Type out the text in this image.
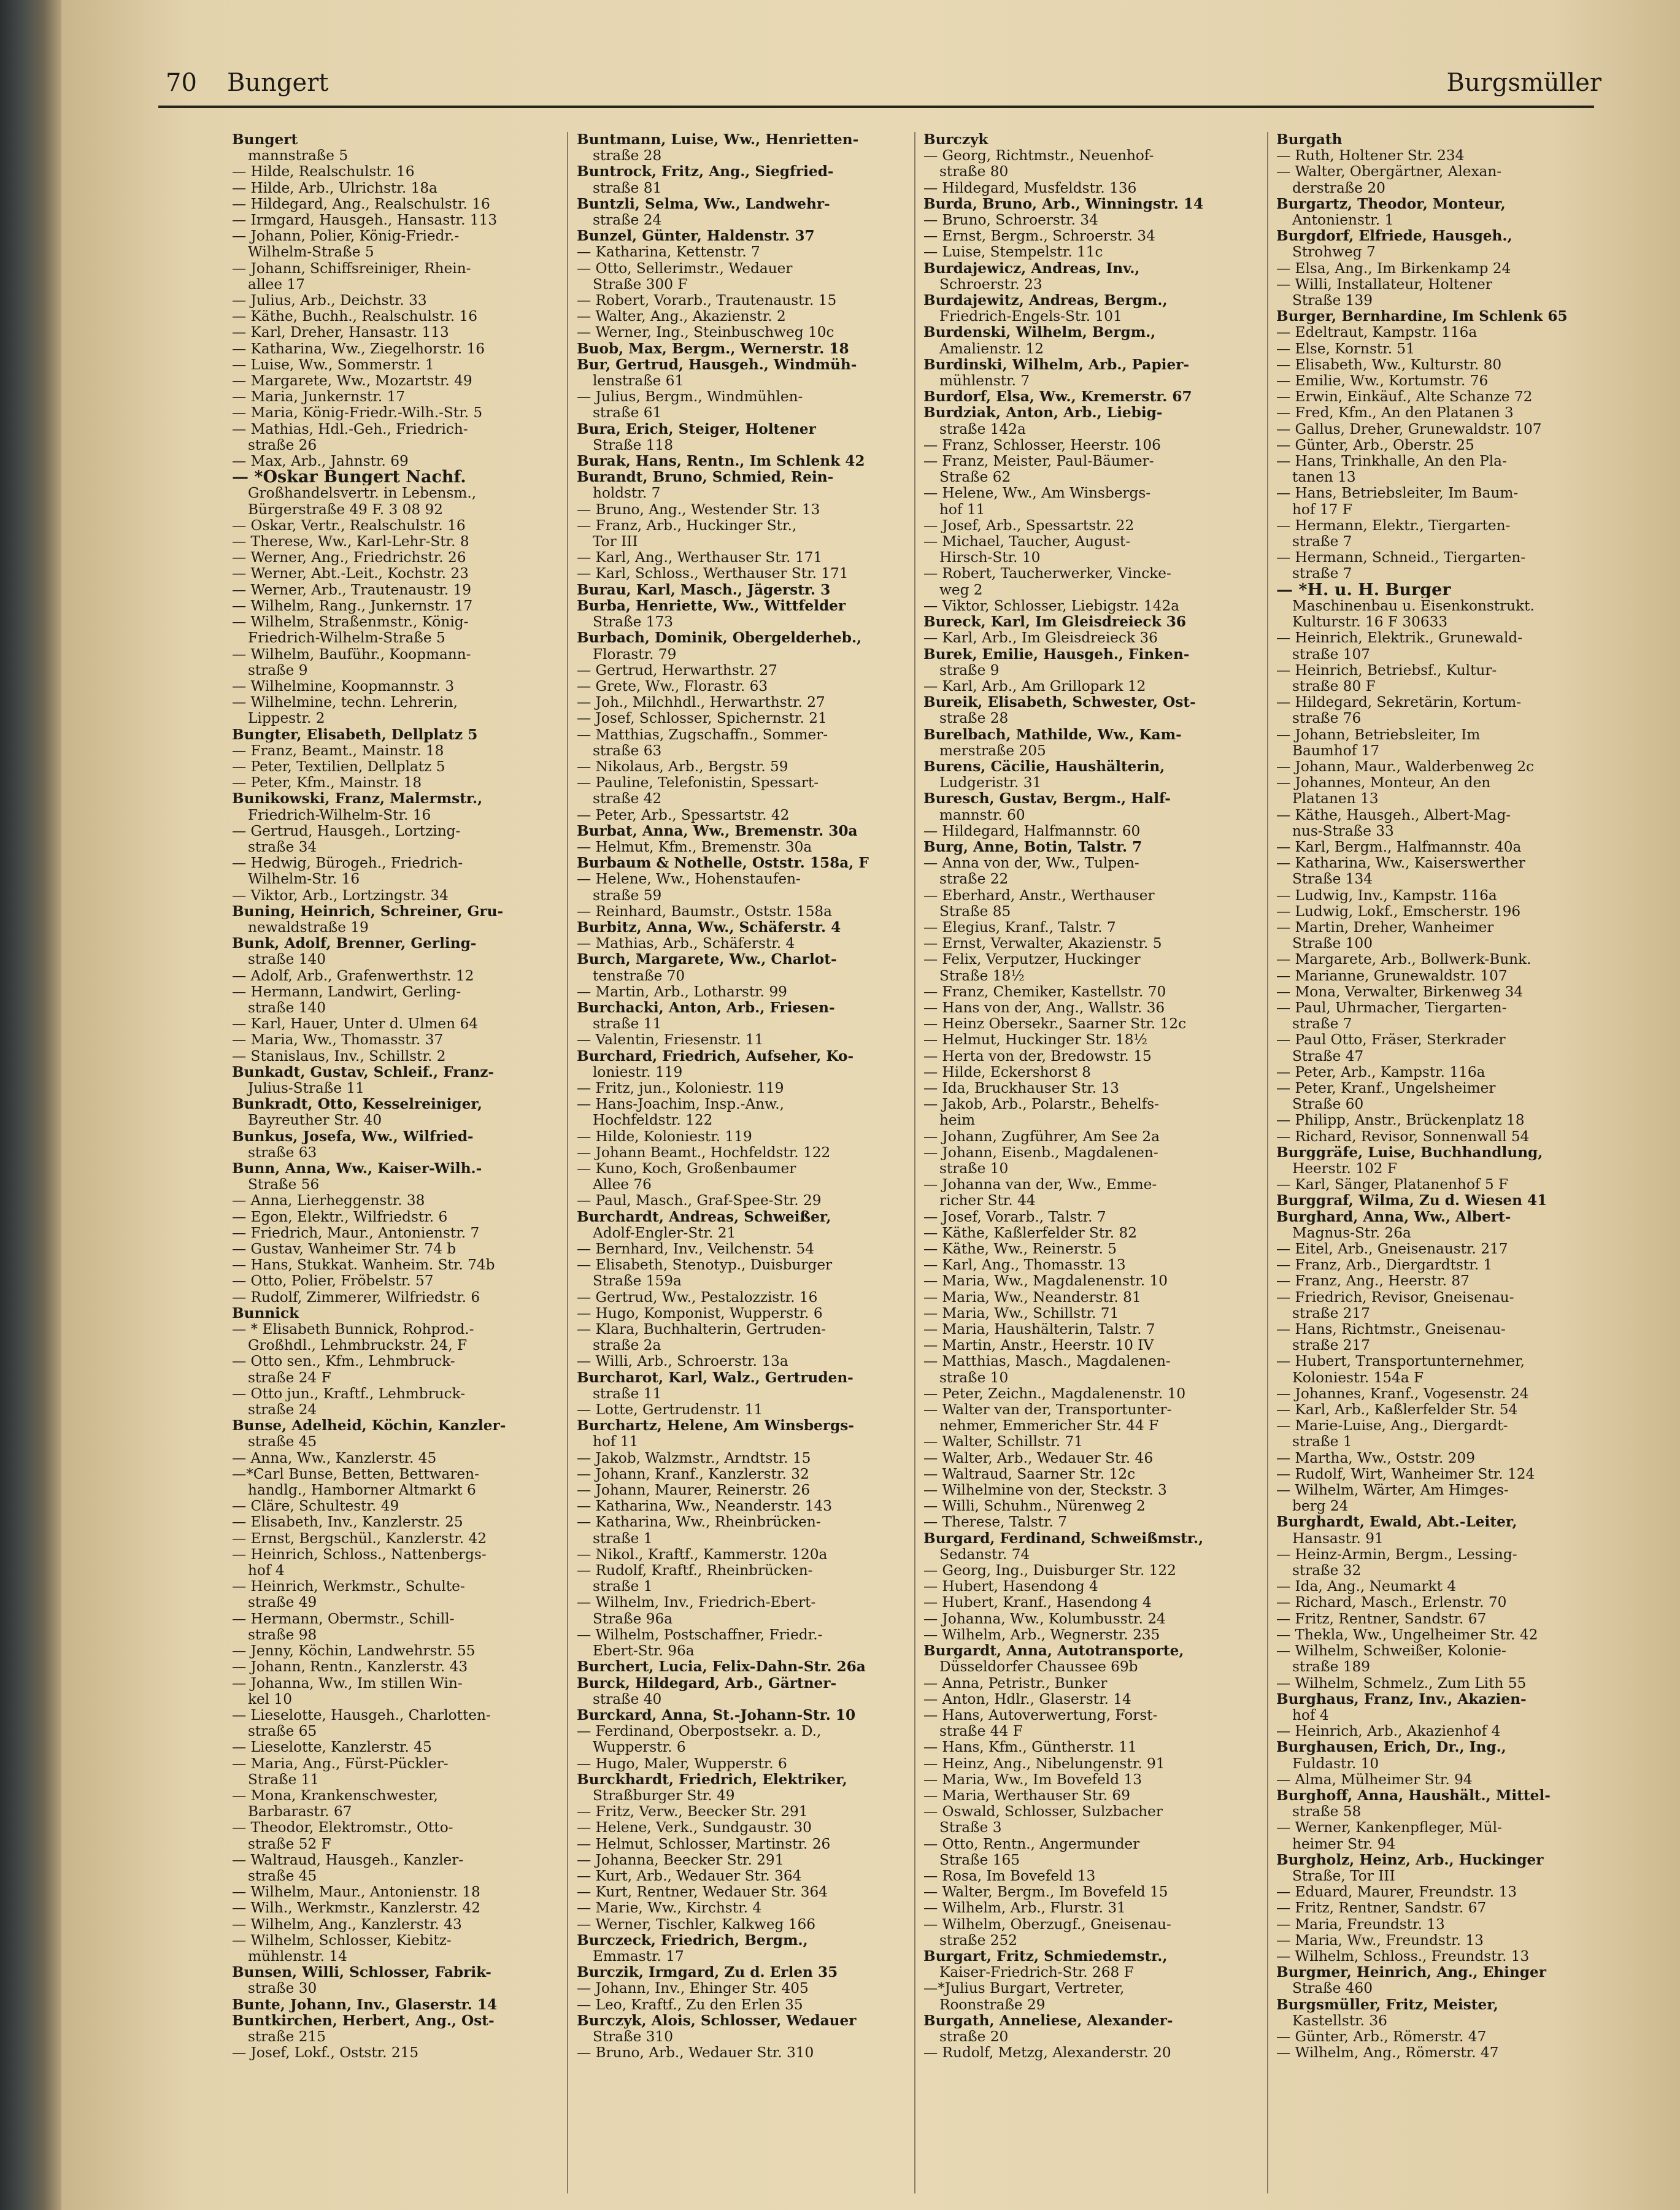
70 Bungert	Burgsmüller
Bungert
mannstraße 5
— Hilde, Realschulstr. 16
— Hilde, Arb., Ulrichstr. 18a
— Hildegard, Ang., Realschulstr. 16
— Irmgard, Hausgeh., Hansastr. 113
— Johann, Polier, König-Friedr.-
Wilhelm-Straße 5
— Johann, Schiffsreiniger, Rhein-
allee 17
— Julius, Arb., Deichstr. 33
— Käthe, Buchh., Realschulstr. 16
— Karl, Dreher, Hansastr. 113
— Katharina, Ww., Ziegelhorstr. 16
— Luise, Ww., Sommerstr. 1
— Margarete, Ww., Mozartstr. 49
— Maria, Junkernstr. 17
— Maria, König-Friedr.-Wilh.-Str. 5
— Mathias, Hdl.-Geh., Friedrich-
straße 26
— Max, Arb., Jahnstr. 69
— *Oskar Bungert Nachf.
Großhandelsvertr. in Lebensm.,
Bürgerstraße 49 F. 3 08 92
— Oskar, Vertr., Realschulstr. 16
— Therese, Ww., Karl-Lehr-Str. 8
— Werner, Ang., Friedrichstr. 26
— Werner, Abt.-Leit., Kochstr. 23
— Werner, Arb., Trautenaustr. 19
— Wilhelm, Rang., Junkernstr. 17
— Wilhelm, Straßenmstr., König-
Friedrich-Wilhelm-Straße 5
— Wilhelm, Bauführ., Koopmann-
straße 9
— Wilhelmine, Koopmannstr. 3
— Wilhelmine, techn. Lehrerin,
Lippestr. 2
Bungter, Elisabeth, Dellplatz 5
— Franz, Beamt., Mainstr. 18
— Peter, Textilien, Dellplatz 5
— Peter, Kfm., Mainstr. 18
Bunikowski, Franz, Malermstr.,
Friedrich-Wilhelm-Str. 16
— Gertrud, Hausgeh., Lortzing-
straße 34
— Hedwig, Bürogeh., Friedrich-
Wilhelm-Str. 16
— Viktor, Arb., Lortzingstr. 34
Buning, Heinrich, Schreiner, Gru-
newaldstraße 19
Bunk, Adolf, Brenner, Gerling-
straße 140
— Adolf, Arb., Grafenwerthstr. 12
— Hermann, Landwirt, Gerling-
straße 140
— Karl, Hauer, Unter d. Ulmen 64
— Maria, Ww., Thomasstr. 37
— Stanislaus, Inv., Schillstr. 2
Bunkadt, Gustav, Schleif., Franz-
Julius-Straße 11
Bunkradt, Otto, Kesselreiniger,
Bayreuther Str. 40
Bunkus, Josefa, Ww., Wilfried-
straße 63
Bunn, Anna, Ww., Kaiser-Wilh.-
Straße 56
— Anna, Lierheggenstr. 38
— Egon, Elektr., Wilfriedstr. 6
— Friedrich, Maur., Antonienstr. 7
— Gustav, Wanheimer Str. 74 b
— Hans, Stukkat. Wanheim. Str. 74b
— Otto, Polier, Fröbelstr. 57
— Rudolf, Zimmerer, Wilfriedstr. 6
Bunnick
— * Elisabeth Bunnick, Rohprod.-
Großhdl., Lehmbruckstr. 24, F
— Otto sen., Kfm., Lehmbruck-
straße 24 F
— Otto jun., Kraftf., Lehmbruck-
straße 24
Bunse, Adelheid, Köchin, Kanzler-
straße 45
— Anna, Ww., Kanzlerstr. 45
—*Carl Bunse, Betten, Bettwaren-
handlg., Hamborner Altmarkt 6
— Cläre, Schultestr. 49
— Elisabeth, Inv., Kanzlerstr. 25
— Ernst, Bergschül., Kanzlerstr. 42
— Heinrich, Schloss., Nattenbergs-
hof 4
— Heinrich, Werkmstr., Schulte-
straße 49
— Hermann, Obermstr., Schill-
straße 98
— Jenny, Köchin, Landwehrstr. 55
— Johann, Rentn., Kanzlerstr. 43
— Johanna, Ww., Im stillen Win-
kel 10
— Lieselotte, Hausgeh., Charlotten-
straße 65
— Lieselotte, Kanzlerstr. 45
— Maria, Ang., Fürst-Pückler-
Straße 11
— Mona, Krankenschwester,
Barbarastr. 67
— Theodor, Elektromstr., Otto-
straße 52 F
— Waltraud, Hausgeh., Kanzler-
straße 45
— Wilhelm, Maur., Antonienstr. 18
— Wilh., Werkmstr., Kanzlerstr. 42
— Wilhelm, Ang., Kanzlerstr. 43
— Wilhelm, Schlosser, Kiebitz-
mühlenstr. 14
Bunsen, Willi, Schlosser, Fabrik-
straße 30
Bunte, Johann, Inv., Glaserstr. 14
Buntkirchen, Herbert, Ang., Ost-
straße 215
— Josef, Lokf., Oststr. 215
Buntmann, Luise, Ww., Henrietten-
straße 28
Buntrock, Fritz, Ang., Siegfried-
straße 81
Buntzli, Selma, Ww., Landwehr-
straße 24
Bunzel, Günter, Haldenstr. 37
— Katharina, Kettenstr. 7
— Otto, Sellerimstr., Wedauer
Straße 300 F
— Robert, Vorarb., Trautenaustr. 15
— Walter, Ang., Akazienstr. 2
— Werner, Ing., Steinbuschweg 10c
Buob, Max, Bergm., Wernerstr. 18
Bur, Gertrud, Hausgeh., Windmüh-
lenstraße 61
— Julius, Bergm., Windmühlen-
straße 61
Bura, Erich, Steiger, Holtener
Straße 118
Burak, Hans, Rentn., Im Schlenk 42
Burandt, Bruno, Schmied, Rein-
holdstr. 7
— Bruno, Ang., Westender Str. 13
— Franz, Arb., Huckinger Str.,
Tor III
— Karl, Ang., Werthauser Str. 171
— Karl, Schloss., Werthauser Str. 171
Burau, Karl, Masch., Jägerstr. 3
Burba, Henriette, Ww., Wittfelder
Straße 173
Burbach, Dominik, Obergelderheb.,
Florastr. 79
— Gertrud, Herwarthstr. 27
— Grete, Ww., Florastr. 63
— Joh., Milchhdl., Herwarthstr. 27
— Josef, Schlosser, Spichernstr. 21
— Matthias, Zugschaffn., Sommer-
straße 63
— Nikolaus, Arb., Bergstr. 59
— Pauline, Telefonistin, Spessart-
straße 42
— Peter, Arb., Spessartstr. 42
Burbat, Anna, Ww., Bremenstr. 30a
— Helmut, Kfm., Bremenstr. 30a
Burbaum & Nothelle, Oststr. 158a, F
— Helene, Ww., Hohenstaufen-
straße 59
— Reinhard, Baumstr., Oststr. 158a
Burbitz, Anna, Ww., Schäferstr. 4
— Mathias, Arb., Schäferstr. 4
Burch, Margarete, Ww., Charlot-
tenstraße 70
— Martin, Arb., Lotharstr. 99
Burchacki, Anton, Arb., Friesen-
straße 11
— Valentin, Friesenstr. 11
Burchard, Friedrich, Aufseher, Ko-
loniestr. 119
— Fritz, jun., Koloniestr. 119
— Hans-Joachim, Insp.-Anw.,
Hochfeldstr. 122
— Hilde, Koloniestr. 119
— Johann Beamt., Hochfeldstr. 122
— Kuno, Koch, Großenbaumer
Allee 76
— Paul, Masch., Graf-Spee-Str. 29
Burchardt, Andreas, Schweißer,
Adolf-Engler-Str. 21
— Bernhard, Inv., Veilchenstr. 54
— Elisabeth, Stenotyp., Duisburger
Straße 159a
— Gertrud, Ww., Pestalozzistr. 16
— Hugo, Komponist, Wupperstr. 6
— Klara, Buchhalterin, Gertruden-
straße 2a
— Willi, Arb., Schroerstr. 13a
Burcharot, Karl, Walz., Gertruden-
straße 11
— Lotte, Gertrudenstr. 11
Burchartz, Helene, Am Winsbergs-
hof 11
— Jakob, Walzmstr., Arndtstr. 15
— Johann, Kranf., Kanzlerstr. 32
— Johann, Maurer, Reinerstr. 26
— Katharina, Ww., Neanderstr. 143
— Katharina, Ww., Rheinbrücken-
straße 1
— Nikol., Kraftf., Kammerstr. 120a
— Rudolf, Kraftf., Rheinbrücken-
straße 1
— Wilhelm, Inv., Friedrich-Ebert-
Straße 96a
— Wilhelm, Postschaffner, Friedr.-
Ebert-Str. 96a
Burchert, Lucia, Felix-Dahn-Str. 26a
Burck, Hildegard, Arb., Gärtner-
straße 40
Burckard, Anna, St.-Johann-Str. 10
— Ferdinand, Oberpostsekr. a. D.,
Wupperstr. 6
— Hugo, Maler, Wupperstr. 6
Burckhardt, Friedrich, Elektriker,
Straßburger Str. 49
— Fritz, Verw., Beecker Str. 291
— Helene, Verk., Sundgaustr. 30
— Helmut, Schlosser, Martinstr. 26
— Johanna, Beecker Str. 291
— Kurt, Arb., Wedauer Str. 364
— Kurt, Rentner, Wedauer Str. 364
— Marie, Ww., Kirchstr. 4
— Werner, Tischler, Kalkweg 166
Burczeck, Friedrich, Bergm.,
Emmastr. 17
Burczik, Irmgard, Zu d. Erlen 35
— Johann, Inv., Ehinger Str. 405
— Leo, Kraftf., Zu den Erlen 35
Burczyk, Alois, Schlosser, Wedauer
Straße 310
— Bruno, Arb., Wedauer Str. 310
Burczyk
— Georg, Richtmstr., Neuenhof-
straße 80
— Hildegard, Musfeldstr. 136
Burda, Bruno, Arb., Winningstr. 14
— Bruno, Schroerstr. 34
— Ernst, Bergm., Schroerstr. 34
— Luise, Stempelstr. 11c
Burdajewicz, Andreas, Inv.,
Schroerstr. 23
Burdajewitz, Andreas, Bergm.,
Friedrich-Engels-Str. 101
Burdenski, Wilhelm, Bergm.,
Amalienstr. 12
Burdinski, Wilhelm, Arb., Papier-
mühlenstr. 7
Burdorf, Elsa, Ww., Kremerstr. 67
Burdziak, Anton, Arb., Liebig-
straße 142a
— Franz, Schlosser, Heerstr. 106
— Franz, Meister, Paul-Bäumer-
Straße 62
— Helene, Ww., Am Winsbergs-
hof 11
— Josef, Arb., Spessartstr. 22
— Michael, Taucher, August-
Hirsch-Str. 10
— Robert, Taucherwerker, Vincke-
weg 2
— Viktor, Schlosser, Liebigstr. 142a
Bureck, Karl, Im Gleisdreieck 36
— Karl, Arb., Im Gleisdreieck 36
Burek, Emilie, Hausgeh., Finken-
straße 9
— Karl, Arb., Am Grillopark 12
Bureik, Elisabeth, Schwester, Ost-
straße 28
Burelbach, Mathilde, Ww., Kam-
merstraße 205
Burens, Cäcilie, Haushälterin,
Ludgeristr. 31
Buresch, Gustav, Bergm., Half-
mannstr. 60
— Hildegard, Halfmannstr. 60
Burg, Anne, Botin, Talstr. 7
— Anna von der, Ww., Tulpen-
straße 22
— Eberhard, Anstr., Werthauser
Straße 85
— Elegius, Kranf., Talstr. 7
— Ernst, Verwalter, Akazienstr. 5
— Felix, Verputzer, Huckinger
Straße 18½
— Franz, Chemiker, Kastellstr. 70
— Hans von der, Ang., Wallstr. 36
— Heinz Obersekr., Saarner Str. 12c
— Helmut, Huckinger Str. 18½
— Herta von der, Bredowstr. 15
— Hilde, Eckershorst 8
— Ida, Bruckhauser Str. 13
— Jakob, Arb., Polarstr., Behelfs-
heim
— Johann, Zugführer, Am See 2a
— Johann, Eisenb., Magdalenen-
straße 10
— Johanna van der, Ww., Emme-
richer Str. 44
— Josef, Vorarb., Talstr. 7
— Käthe, Kaßlerfelder Str. 82
— Käthe, Ww., Reinerstr. 5
— Karl, Ang., Thomasstr. 13
— Maria, Ww., Magdalenenstr. 10
— Maria, Ww., Neanderstr. 81
— Maria, Ww., Schillstr. 71
— Maria, Haushälterin, Talstr. 7
— Martin, Anstr., Heerstr. 10 IV
— Matthias, Masch., Magdalenen-
straße 10
— Peter, Zeichn., Magdalenenstr. 10
— Walter van der, Transportunter-
nehmer, Emmericher Str. 44 F
— Walter, Schillstr. 71
— Walter, Arb., Wedauer Str. 46
— Waltraud, Saarner Str. 12c
— Wilhelmine von der, Steckstr. 3
— Willi, Schuhm., Nürenweg 2
— Therese, Talstr. 7
Burgard, Ferdinand, Schweißmstr.,
Sedanstr. 74
— Georg, Ing., Duisburger Str. 122
— Hubert, Hasendong 4
— Hubert, Kranf., Hasendong 4
— Johanna, Ww., Kolumbusstr. 24
— Wilhelm, Arb., Wegnerstr. 235
Burgardt, Anna, Autotransporte,
Düsseldorfer Chaussee 69b
— Anna, Petristr., Bunker
— Anton, Hdlr., Glaserstr. 14
— Hans, Autoverwertung, Forst-
straße 44 F
— Hans, Kfm., Güntherstr. 11
— Heinz, Ang., Nibelungenstr. 91
— Maria, Ww., Im Bovefeld 13
— Maria, Werthauser Str. 69
— Oswald, Schlosser, Sulzbacher
Straße 3
— Otto, Rentn., Angermunder
Straße 165
— Rosa, Im Bovefeld 13
— Walter, Bergm., Im Bovefeld 15
— Wilhelm, Arb., Flurstr. 31
— Wilhelm, Oberzugf., Gneisenau-
straße 252
Burgart, Fritz, Schmiedemstr.,
Kaiser-Friedrich-Str. 268 F
—*Julius Burgart, Vertreter,
Roonstraße 29
Burgath, Anneliese, Alexander-
straße 20
— Rudolf, Metzg, Alexanderstr. 20
Burgath
— Ruth, Holtener Str. 234
— Walter, Obergärtner, Alexan-
derstraße 20
Burgartz, Theodor, Monteur,
Antonienstr. 1
Burgdorf, Elfriede, Hausgeh.,
Strohweg 7
— Elsa, Ang., Im Birkenkamp 24
— Willi, Installateur, Holtener
Straße 139
Burger, Bernhardine, Im Schlenk 65
— Edeltraut, Kampstr. 116a
— Else, Kornstr. 51
— Elisabeth, Ww., Kulturstr. 80
— Emilie, Ww., Kortumstr. 76
— Erwin, Einkäuf., Alte Schanze 72
— Fred, Kfm., An den Platanen 3
— Gallus, Dreher, Grunewaldstr. 107
— Günter, Arb., Oberstr. 25
— Hans, Trinkhalle, An den Pla-
tanen 13
— Hans, Betriebsleiter, Im Baum-
hof 17 F
— Hermann, Elektr., Tiergarten-
straße 7
— Hermann, Schneid., Tiergarten-
straße 7
— *H. u. H. Burger
Maschinenbau u. Eisenkonstrukt.
Kulturstr. 16 F 30633
— Heinrich, Elektrik., Grunewald-
straße 107
— Heinrich, Betriebsf., Kultur-
straße 80 F
— Hildegard, Sekretärin, Kortum-
straße 76
— Johann, Betriebsleiter, Im
Baumhof 17
— Johann, Maur., Walderbenweg 2c
— Johannes, Monteur, An den
Platanen 13
— Käthe, Hausgeh., Albert-Mag-
nus-Straße 33
— Karl, Bergm., Halfmannstr. 40a
— Katharina, Ww., Kaiserswerther
Straße 134
— Ludwig, Inv., Kampstr. 116a
— Ludwig, Lokf., Emscherstr. 196
— Martin, Dreher, Wanheimer
Straße 100
— Margarete, Arb., Bollwerk-Bunk.
— Marianne, Grunewaldstr. 107
— Mona, Verwalter, Birkenweg 34
— Paul, Uhrmacher, Tiergarten-
straße 7
— Paul Otto, Fräser, Sterkrader
Straße 47
— Peter, Arb., Kampstr. 116a
— Peter, Kranf., Ungelsheimer
Straße 60
— Philipp, Anstr., Brückenplatz 18
— Richard, Revisor, Sonnenwall 54
Burggräfe, Luise, Buchhandlung,
Heerstr. 102 F
— Karl, Sänger, Platanenhof 5 F
Burggraf, Wilma, Zu d. Wiesen 41
Burghard, Anna, Ww., Albert-
Magnus-Str. 26a
— Eitel, Arb., Gneisenaustr. 217
— Franz, Arb., Diergardtstr. 1
— Franz, Ang., Heerstr. 87
— Friedrich, Revisor, Gneisenau-
straße 217
— Hans, Richtmstr., Gneisenau-
straße 217
— Hubert, Transportunternehmer,
Koloniestr. 154a F
— Johannes, Kranf., Vogesenstr. 24
— Karl, Arb., Kaßlerfelder Str. 54
— Marie-Luise, Ang., Diergardt-
straße 1
— Martha, Ww., Oststr. 209
— Rudolf, Wirt, Wanheimer Str. 124
— Wilhelm, Wärter, Am Himges-
berg 24
Burghardt, Ewald, Abt.-Leiter,
Hansastr. 91
— Heinz-Armin, Bergm., Lessing-
straße 32
— Ida, Ang., Neumarkt 4
— Richard, Masch., Erlenstr. 70
— Fritz, Rentner, Sandstr. 67
— Thekla, Ww., Ungelheimer Str. 42
— Wilhelm, Schweißer, Kolonie-
straße 189
— Wilhelm, Schmelz., Zum Lith 55
Burghaus, Franz, Inv., Akazien-
hof 4
— Heinrich, Arb., Akazienhof 4
Burghausen, Erich, Dr., Ing.,
Fuldastr. 10
— Alma, Mülheimer Str. 94
Burghoff, Anna, Haushält., Mittel-
straße 58
— Werner, Kankenpfleger, Mül-
heimer Str. 94
Burgholz, Heinz, Arb., Huckinger
Straße, Tor III
— Eduard, Maurer, Freundstr. 13
— Fritz, Rentner, Sandstr. 67
— Maria, Freundstr. 13
— Maria, Ww., Freundstr. 13
— Wilhelm, Schloss., Freundstr. 13
Burgmer, Heinrich, Ang., Ehinger
Straße 460
Burgsmüller, Fritz, Meister,
Kastellstr. 36
— Günter, Arb., Römerstr. 47
— Wilhelm, Ang., Römerstr. 47
